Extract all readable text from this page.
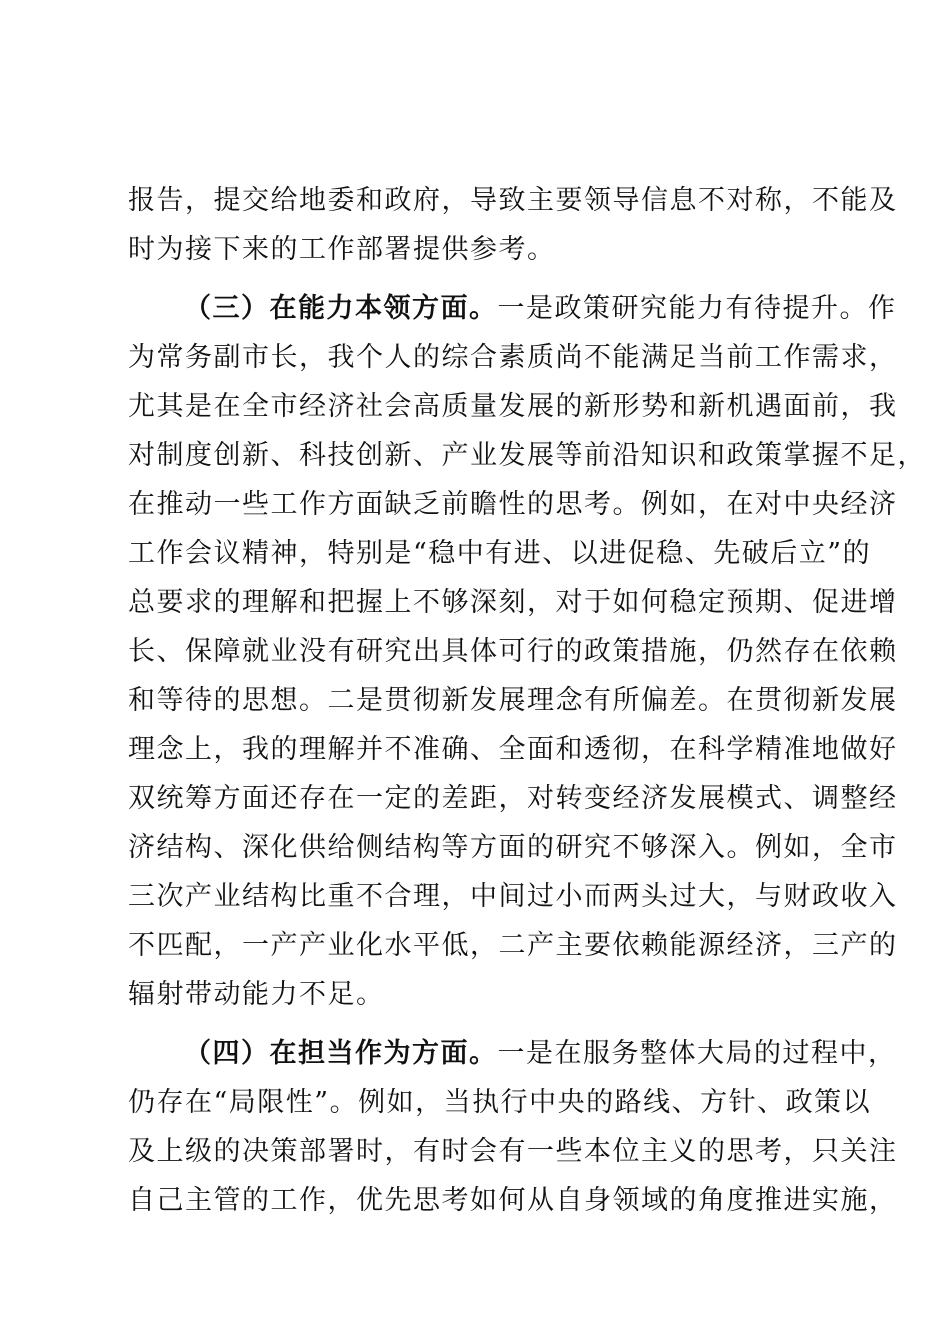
报告，提交给地委和政府，导致主要领导信息不对称，不能及
时为接下来的工作部署提供参考。
（三）在能力本领方面。一是政策研究能力有待提升。作
为常务副市长，我个人的综合素质尚不能满足当前工作需求，
尤其是在全市经济社会高质量发展的新形势和新机遇面前，我
对制度创新、科技创新、产业发展等前沿知识和政策掌握不足，
在推动一些工作方面缺乏前瞻性的思考。例如，在对中央经济
工作会议精神，特别是“稳中有进、以进促稳、先破后立”的
总要求的理解和把握上不够深刻，对于如何稳定预期、促进增
长、保障就业没有研究出具体可行的政策措施，仍然存在依赖
和等待的思想。二是贯彻新发展理念有所偏差。在贯彻新发展
理念上，我的理解并不准确、全面和透彻，在科学精准地做好
双统筹方面还存在一定的差距，对转变经济发展模式、调整经
济结构、深化供给侧结构等方面的研究不够深入。例如，全市
三次产业结构比重不合理，中间过小而两头过大，与财政收入
不匹配，一产产业化水平低，二产主要依赖能源经济，三产的
辐射带动能力不足。
（四）在担当作为方面。一是在服务整体大局的过程中，
仍存在“局限性”。例如，当执行中央的路线、方针、政策以
及上级的决策部署时，有时会有一些本位主义的思考，只关注
自己主管的工作，优先思考如何从自身领域的角度推进实施，
